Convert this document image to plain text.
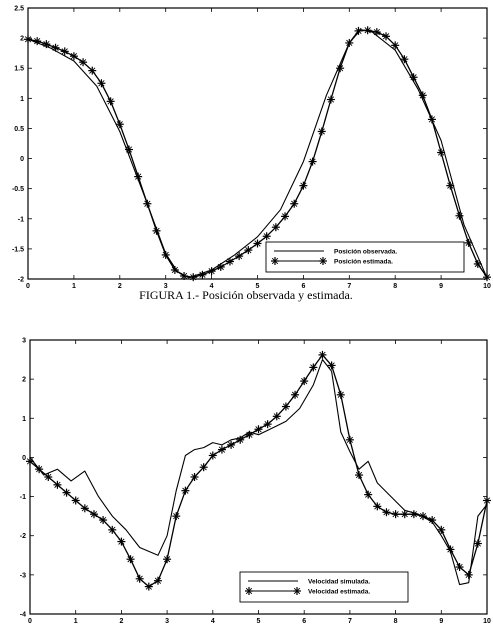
0	1	2	3	4	5	6	7	8	9	10
-2
-1.5
-1
-0.5
0
0.5
1
1.5
2
2.5
Posición observada.
Posición estimada.
FIGURA 1.- Posición observada y estimada.
0	1	2	3	4	5	6	7	8	9	10
-4
-3
-2
-1
0
1
2
3
Velocidad simulada.
Velocidad estimada.
